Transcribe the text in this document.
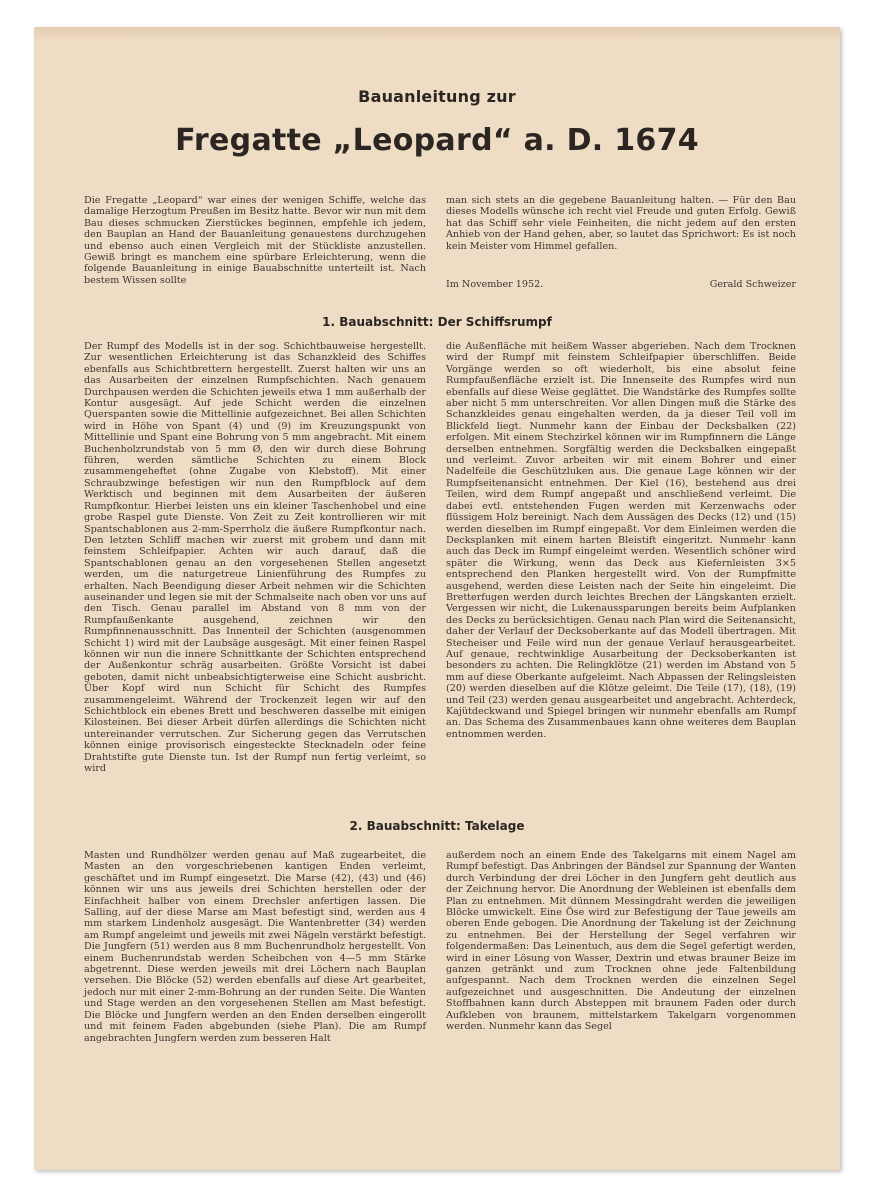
Bauanleitung zur
Fregatte „Leopard“ a. D. 1674

Die Fregatte „Leopard“ war eines der wenigen Schiffe, welche das damalige Herzogtum Preußen im Besitz hatte. Bevor wir nun mit dem Bau dieses schmucken Zierstückes beginnen, empfehle ich jedem, den Bauplan an Hand der Bauanleitung genauestens durchzugehen und ebenso auch einen Vergleich mit der Stückliste anzustellen. Gewiß bringt es manchem eine spürbare Erleichterung, wenn die folgende Bauanleitung in einige Bauabschnitte unterteilt ist. Nach bestem Wissen sollte

man sich stets an die gegebene Bauanleitung halten. — Für den Bau dieses Modells wünsche ich recht viel Freude und guten Erfolg. Gewiß hat das Schiff sehr viele Feinheiten, die nicht jedem auf den ersten Anhieb von der Hand gehen, aber, so lautet das Sprichwort: Es ist noch kein Meister vom Himmel gefallen.

Im November 1952.	Gerald Schweizer
1. Bauabschnitt: Der Schiffsrumpf

Der Rumpf des Modells ist in der sog. Schichtbauweise hergestellt. Zur wesentlichen Erleichterung ist das Schanzkleid des Schiffes ebenfalls aus Schichtbrettern hergestellt. Zuerst halten wir uns an das Ausarbeiten der einzelnen Rumpfschichten. Nach genauem Durchpausen werden die Schichten jeweils etwa 1 mm außerhalb der Kontur ausgesägt. Auf jede Schicht werden die einzelnen Querspanten sowie die Mittellinie aufgezeichnet. Bei allen Schichten wird in Höhe von Spant (4) und (9) im Kreuzungspunkt von Mittellinie und Spant eine Bohrung von 5 mm angebracht. Mit einem Buchenholzrundstab von 5 mm Ø, den wir durch diese Bohrung führen, werden sämtliche Schichten zu einem Block zusammengeheftet (ohne Zugabe von Klebstoff). Mit einer Schraubzwinge befestigen wir nun den Rumpfblock auf dem Werktisch und beginnen mit dem Ausarbeiten der äußeren Rumpfkontur. Hierbei leisten uns ein kleiner Taschenhobel und eine grobe Raspel gute Dienste. Von Zeit zu Zeit kontrollieren wir mit Spantschablonen aus 2-mm-Sperrholz die äußere Rumpfkontur nach. Den letzten Schliff machen wir zuerst mit grobem und dann mit feinstem Schleifpapier. Achten wir auch darauf, daß die Spantschablonen genau an den vorgesehenen Stellen angesetzt werden, um die naturgetreue Linienführung des Rumpfes zu erhalten. Nach Beendigung dieser Arbeit nehmen wir die Schichten auseinander und legen sie mit der Schmalseite nach oben vor uns auf den Tisch. Genau parallel im Abstand von 8 mm von der Rumpfaußenkante ausgehend, zeichnen wir den Rumpfinnenausschnitt. Das Innenteil der Schichten (ausgenommen Schicht 1) wird mit der Laubsäge ausgesägt. Mit einer feinen Raspel können wir nun die innere Schnittkante der Schichten entsprechend der Außenkontur schräg ausarbeiten. Größte Vorsicht ist dabei geboten, damit nicht unbeabsichtigterweise eine Schicht ausbricht. Über Kopf wird nun Schicht für Schicht des Rumpfes zusammengeleimt. Während der Trockenzeit legen wir auf den Schichtblock ein ebenes Brett und beschweren dasselbe mit einigen Kilosteinen. Bei dieser Arbeit dürfen allerdings die Schichten nicht untereinander verrutschen. Zur Sicherung gegen das Verrutschen können einige provisorisch eingesteckte Stecknadeln oder feine Drahtstifte gute Dienste tun. Ist der Rumpf nun fertig verleimt, so wird

die Außenfläche mit heißem Wasser abgerieben. Nach dem Trocknen wird der Rumpf mit feinstem Schleifpapier überschliffen. Beide Vorgänge werden so oft wiederholt, bis eine absolut feine Rumpfaußenfläche erzielt ist. Die Innenseite des Rumpfes wird nun ebenfalls auf diese Weise geglättet. Die Wandstärke des Rumpfes sollte aber nicht 5 mm unterschreiten. Vor allen Dingen muß die Stärke des Schanzkleides genau eingehalten werden, da ja dieser Teil voll im Blickfeld liegt. Nunmehr kann der Einbau der Decksbalken (22) erfolgen. Mit einem Stechzirkel können wir im Rumpfinnern die Länge derselben entnehmen. Sorgfältig werden die Decksbalken eingepaßt und verleimt. Zuvor arbeiten wir mit einem Bohrer und einer Nadelfeile die Geschützluken aus. Die genaue Lage können wir der Rumpfseitenansicht entnehmen. Der Kiel (16), bestehend aus drei Teilen, wird dem Rumpf angepaßt und anschließend verleimt. Die dabei evtl. entstehenden Fugen werden mit Kerzenwachs oder flüssigem Holz bereinigt. Nach dem Aussägen des Decks (12) und (15) werden dieselben im Rumpf eingepaßt. Vor dem Einleimen werden die Decksplanken mit einem harten Bleistift eingeritzt. Nunmehr kann auch das Deck im Rumpf eingeleimt werden. Wesentlich schöner wird später die Wirkung, wenn das Deck aus Kiefernleisten 3×5 entsprechend den Planken hergestellt wird. Von der Rumpfmitte ausgehend, werden diese Leisten nach der Seite hin eingeleimt. Die Bretterfugen werden durch leichtes Brechen der Längskanten erzielt. Vergessen wir nicht, die Lukenaussparungen bereits beim Aufplanken des Decks zu berücksichtigen. Genau nach Plan wird die Seitenansicht, daher der Verlauf der Decksoberkante auf das Modell übertragen. Mit Stecheiser und Feile wird nun der genaue Verlauf herausgearbeitet. Auf genaue, rechtwinklige Ausarbeitung der Decksoberkanten ist besonders zu achten. Die Relingklötze (21) werden im Abstand von 5 mm auf diese Oberkante aufgeleimt. Nach Abpassen der Relingsleisten (20) werden dieselben auf die Klötze geleimt. Die Teile (17), (18), (19) und Teil (23) werden genau ausgearbeitet und angebracht. Achterdeck, Kajütdeckwand und Spiegel bringen wir nunmehr ebenfalls am Rumpf an. Das Schema des Zusammenbaues kann ohne weiteres dem Bauplan entnommen werden.

2. Bauabschnitt: Takelage

Masten und Rundhölzer werden genau auf Maß zugearbeitet, die Masten an den vorgeschriebenen kantigen Enden verleimt, geschäftet und im Rumpf eingesetzt. Die Marse (42), (43) und (46) können wir uns aus jeweils drei Schichten herstellen oder der Einfachheit halber von einem Drechsler anfertigen lassen. Die Salling, auf der diese Marse am Mast befestigt sind, werden aus 4 mm starkem Lindenholz ausgesägt. Die Wantenbretter (34) werden am Rumpf angeleimt und jeweils mit zwei Nägeln verstärkt befestigt. Die Jungfern (51) werden aus 8 mm Buchenrundholz hergestellt. Von einem Buchenrundstab werden Scheibchen von 4—5 mm Stärke abgetrennt. Diese werden jeweils mit drei Löchern nach Bauplan versehen. Die Blöcke (52) werden ebenfalls auf diese Art gearbeitet, jedoch nur mit einer 2-mm-Bohrung an der runden Seite. Die Wanten und Stage werden an den vorgesehenen Stellen am Mast befestigt. Die Blöcke und Jungfern werden an den Enden derselben eingerollt und mit feinem Faden abgebunden (siehe Plan). Die am Rumpf angebrachten Jungfern werden zum besseren Halt

außerdem noch an einem Ende des Takelgarns mit einem Nagel am Rumpf befestigt. Das Anbringen der Bändsel zur Spannung der Wanten durch Verbindung der drei Löcher in den Jungfern geht deutlich aus der Zeichnung hervor. Die Anordnung der Webleinen ist ebenfalls dem Plan zu entnehmen. Mit dünnem Messingdraht werden die jeweiligen Blöcke umwickelt. Eine Öse wird zur Befestigung der Taue jeweils am oberen Ende gebogen. Die Anordnung der Takelung ist der Zeichnung zu entnehmen. Bei der Herstellung der Segel verfahren wir folgendermaßen: Das Leinentuch, aus dem die Segel gefertigt werden, wird in einer Lösung von Wasser, Dextrin und etwas brauner Beize im ganzen getränkt und zum Trocknen ohne jede Faltenbildung aufgespannt. Nach dem Trocknen werden die einzelnen Segel aufgezeichnet und ausgeschnitten. Die Andeutung der einzelnen Stoffbahnen kann durch Absteppen mit braunem Faden oder durch Aufkleben von braunem, mittelstarkem Takelgarn vorgenommen werden. Nunmehr kann das Segel
